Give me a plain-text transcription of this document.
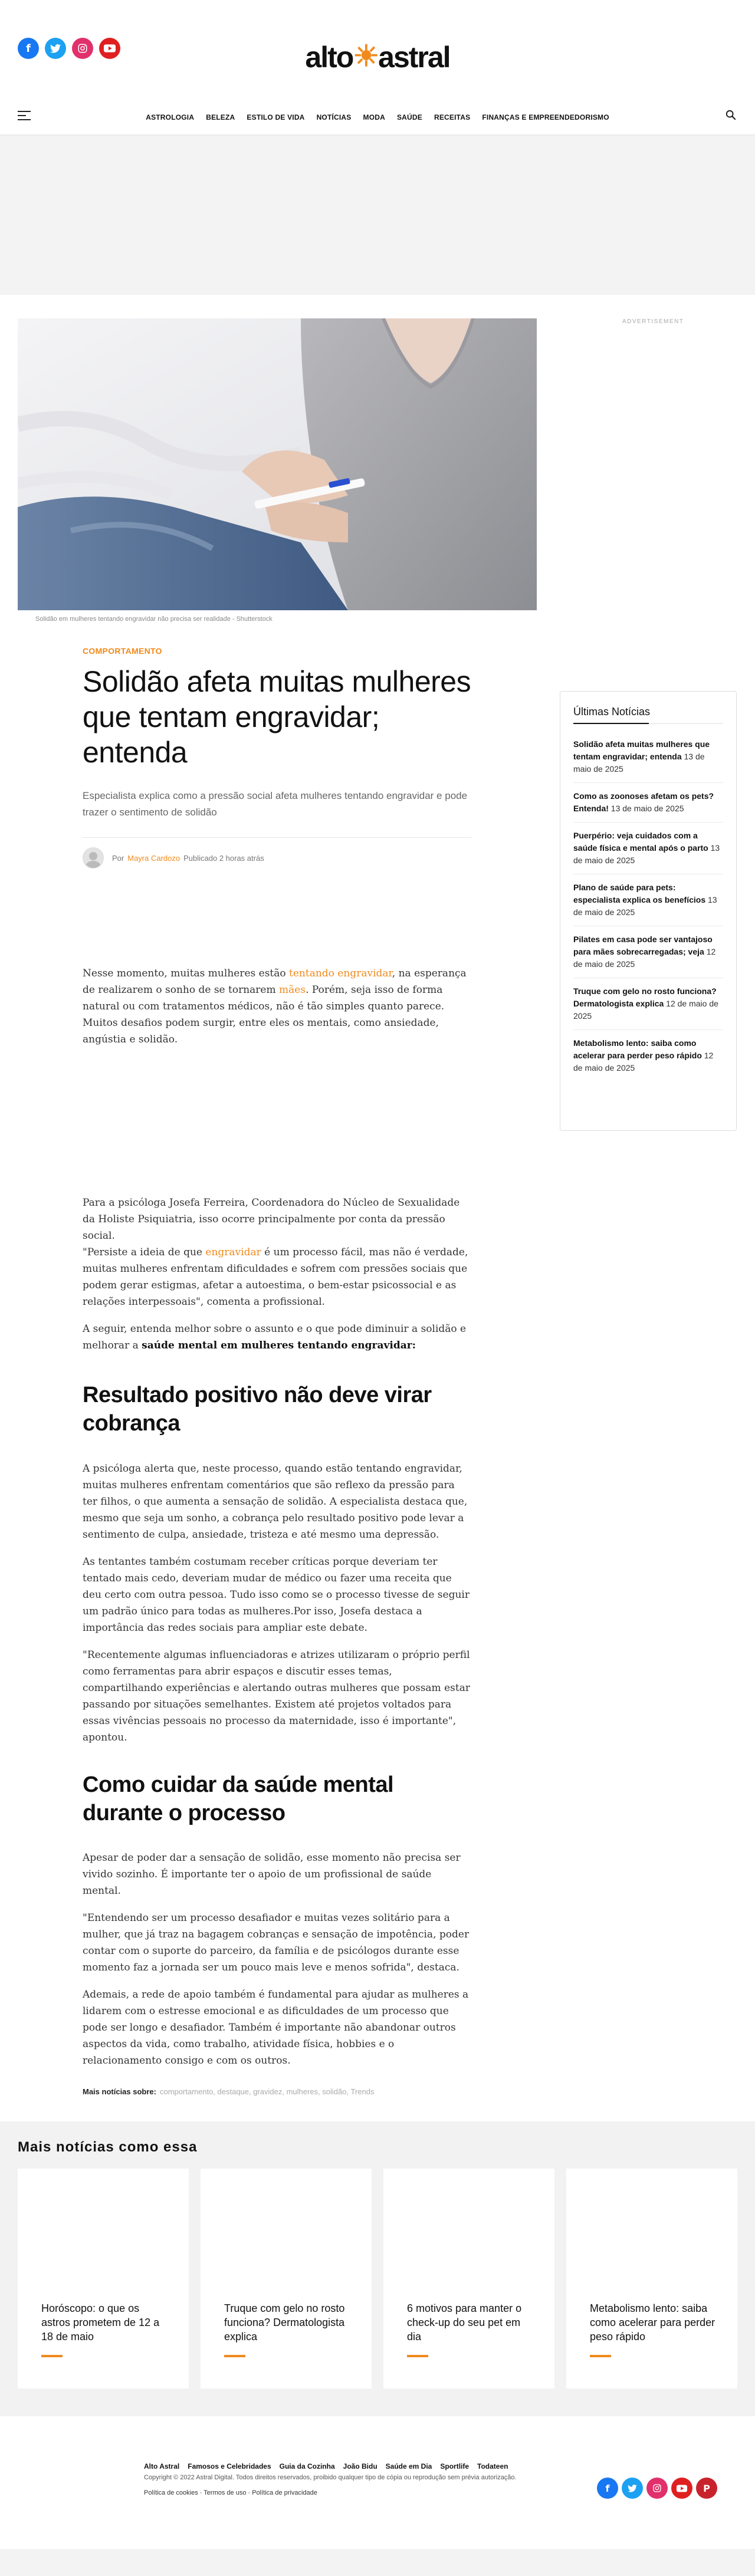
f	alto☀astral
ASTROLOGIA BELEZA ESTILO DE VIDA NOTÍCIAS MODA SAÚDE RECEITAS FINANÇAS E EMPREENDEDORISMO
Solidão em mulheres tentando engravidar não precisa ser realidade - Shutterstock
ADVERTISEMENT
COMPORTAMENTO
Solidão afeta muitas mulheres que tentam engravidar; entenda
Especialista explica como a pressão social afeta mulheres tentando engravidar e pode trazer o sentimento de solidão
Por Mayra Cardozo Publicado 2 horas atrás

Nesse momento, muitas mulheres estão tentando engravidar, na esperança de realizarem o sonho de se tornarem mães. Porém, seja isso de forma natural ou com tratamentos médicos, não é tão simples quanto parece. Muitos desafios podem surgir, entre eles os mentais, como ansiedade, angústia e solidão.

Para a psicóloga Josefa Ferreira, Coordenadora do Núcleo de Sexualidade da Holiste Psiquiatria, isso ocorre principalmente por conta da pressão social.

"Persiste a ideia de que engravidar é um processo fácil, mas não é verdade, muitas mulheres enfrentam dificuldades e sofrem com pressões sociais que podem gerar estigmas, afetar a autoestima, o bem-estar psicossocial e as relações interpessoais", comenta a profissional.

A seguir, entenda melhor sobre o assunto e o que pode diminuir a solidão e melhorar a saúde mental em mulheres tentando engravidar:

Resultado positivo não deve virar cobrança

A psicóloga alerta que, neste processo, quando estão tentando engravidar, muitas mulheres enfrentam comentários que são reflexo da pressão para ter filhos, o que aumenta a sensação de solidão. A especialista destaca que, mesmo que seja um sonho, a cobrança pelo resultado positivo pode levar a sentimento de culpa, ansiedade, tristeza e até mesmo uma depressão.

As tentantes também costumam receber críticas porque deveriam ter tentado mais cedo, deveriam mudar de médico ou fazer uma receita que deu certo com outra pessoa. Tudo isso como se o processo tivesse de seguir um padrão único para todas as mulheres.Por isso, Josefa destaca a importância das redes sociais para ampliar este debate.

"Recentemente algumas influenciadoras e atrizes utilizaram o próprio perfil como ferramentas para abrir espaços e discutir esses temas, compartilhando experiências e alertando outras mulheres que possam estar passando por situações semelhantes. Existem até projetos voltados para essas vivências pessoais no processo da maternidade, isso é importante", apontou.

Como cuidar da saúde mental durante o processo

Apesar de poder dar a sensação de solidão, esse momento não precisa ser vivido sozinho. É importante ter o apoio de um profissional de saúde mental.

"Entendendo ser um processo desafiador e muitas vezes solitário para a mulher, que já traz na bagagem cobranças e sensação de impotência, poder contar com o suporte do parceiro, da família e de psicólogos durante esse momento faz a jornada ser um pouco mais leve e menos sofrida", destaca.

Ademais, a rede de apoio também é fundamental para ajudar as mulheres a lidarem com o estresse emocional e as dificuldades de um processo que pode ser longo e desafiador. Também é importante não abandonar outros aspectos da vida, como trabalho, atividade física, hobbies e o relacionamento consigo e com os outros.

Mais notícias sobre: comportamento, destaque, gravidez, mulheres, solidão, Trends
Últimas Notícias
Solidão afeta muitas mulheres que tentam engravidar; entenda 13 de maio de 2025
Como as zoonoses afetam os pets? Entenda! 13 de maio de 2025
Puerpério: veja cuidados com a saúde física e mental após o parto 13 de maio de 2025
Plano de saúde para pets: especialista explica os benefícios 13 de maio de 2025
Pilates em casa pode ser vantajoso para mães sobrecarregadas; veja 12 de maio de 2025
Truque com gelo no rosto funciona? Dermatologista explica 12 de maio de 2025
Metabolismo lento: saiba como acelerar para perder peso rápido 12 de maio de 2025
Mais notícias como essa
Horóscopo: o que os astros prometem de 12 a 18 de maio
Truque com gelo no rosto funciona? Dermatologista explica
6 motivos para manter o check-up do seu pet em dia
Metabolismo lento: saiba como acelerar para perder peso rápido
Alto Astral Famosos e Celebridades Guia da Cozinha João Bidu Saúde em Dia Sportlife Todateen
Copyright © 2022 Astral Digital. Todos direitos reservados, proibido qualquer tipo de cópia ou reprodução sem prévia autorização.
Política de cookies · Termos de uso · Política de privacidade	f	P
